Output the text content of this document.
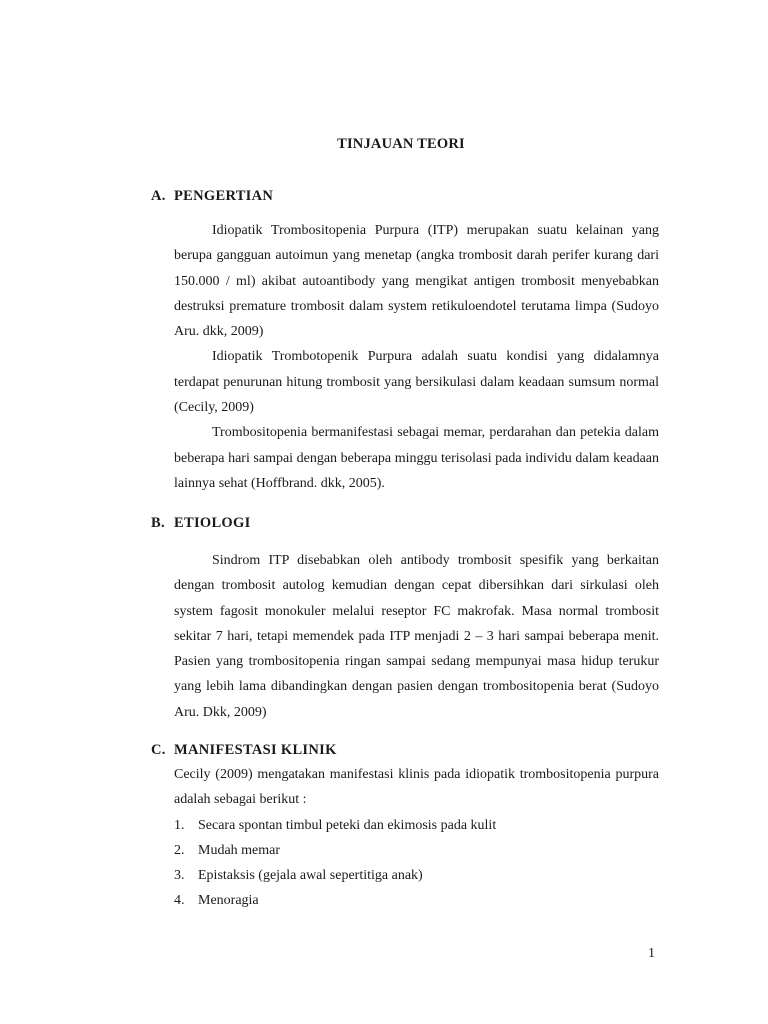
TINJAUAN TEORI
A. PENGERTIAN

Idiopatik Trombositopenia Purpura (ITP) merupakan suatu kelainan yang berupa gangguan autoimun yang menetap (angka trombosit darah perifer kurang dari 150.000 / ml) akibat autoantibody yang mengikat antigen trombosit menyebabkan destruksi premature trombosit dalam system retikuloendotel terutama limpa (Sudoyo Aru. dkk, 2009)

Idiopatik Trombotopenik Purpura adalah suatu kondisi yang didalamnya terdapat penurunan hitung trombosit yang bersikulasi dalam keadaan sumsum normal (Cecily, 2009)

Trombositopenia bermanifestasi sebagai memar, perdarahan dan petekia dalam beberapa hari sampai dengan beberapa minggu terisolasi pada individu dalam keadaan lainnya sehat (Hoffbrand. dkk, 2005).

B. ETIOLOGI

Sindrom ITP disebabkan oleh antibody trombosit spesifik yang berkaitan dengan trombosit autolog kemudian dengan cepat dibersihkan dari sirkulasi oleh system fagosit monokuler melalui reseptor FC makrofak. Masa normal trombosit sekitar 7 hari, tetapi memendek pada ITP menjadi 2 – 3 hari sampai beberapa menit. Pasien yang trombositopenia ringan sampai sedang mempunyai masa hidup terukur yang lebih lama dibandingkan dengan pasien dengan trombositopenia berat (Sudoyo Aru. Dkk, 2009)

C. MANIFESTASI KLINIK

Cecily (2009) mengatakan manifestasi klinis pada idiopatik trombositopenia purpura adalah sebagai berikut :

1. Secara spontan timbul peteki dan ekimosis pada kulit
2. Mudah memar
3. Epistaksis (gejala awal sepertitiga anak)
4. Menoragia
1
